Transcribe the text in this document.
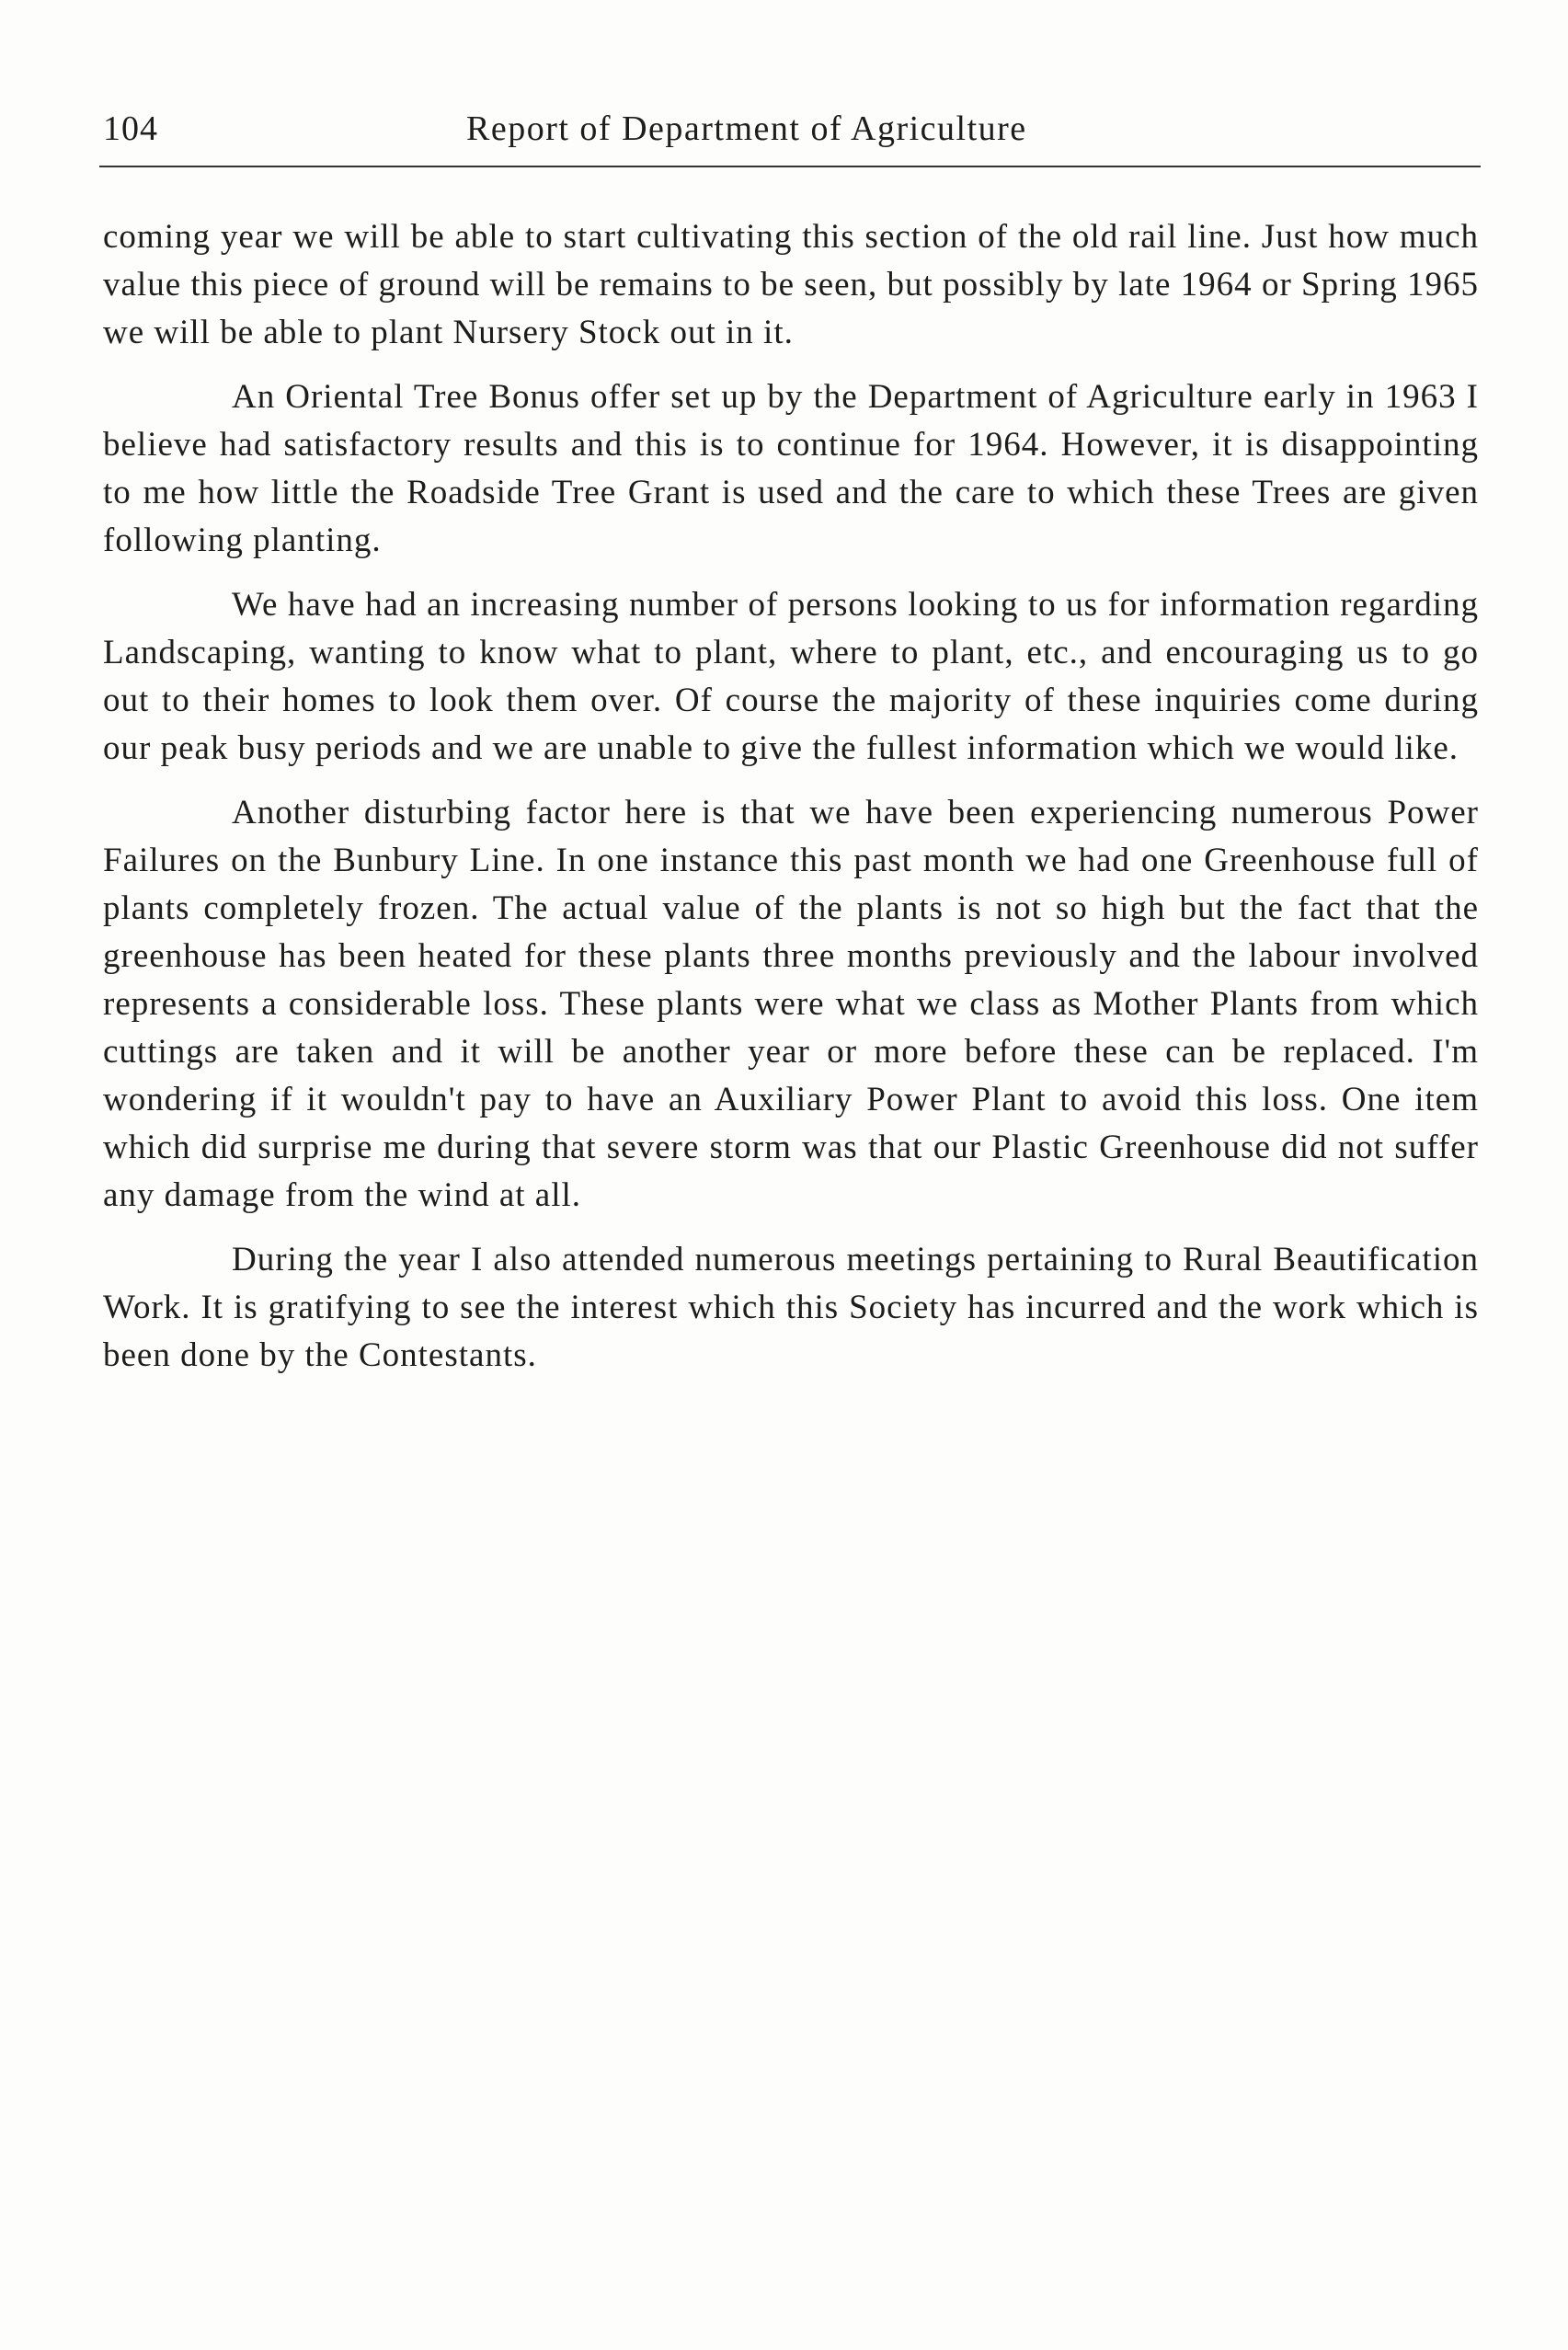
104	Report of Department of Agriculture

coming year we will be able to start cultivating this section of the old rail line. Just how much value this piece of ground will be remains to be seen, but possibly by late 1964 or Spring 1965 we will be able to plant Nursery Stock out in it.

An Oriental Tree Bonus offer set up by the Department of Agriculture early in 1963 I believe had satisfactory results and this is to continue for 1964. However, it is disappointing to me how little the Roadside Tree Grant is used and the care to which these Trees are given following planting.

We have had an increasing number of persons looking to us for information regarding Landscaping, wanting to know what to plant, where to plant, etc., and encouraging us to go out to their homes to look them over. Of course the majority of these inquiries come during our peak busy periods and we are unable to give the fullest information which we would like.

Another disturbing factor here is that we have been experiencing numerous Power Failures on the Bunbury Line. In one instance this past month we had one Greenhouse full of plants completely frozen. The actual value of the plants is not so high but the fact that the greenhouse has been heated for these plants three months previously and the labour involved represents a considerable loss. These plants were what we class as Mother Plants from which cuttings are taken and it will be another year or more before these can be replaced. I'm wondering if it wouldn't pay to have an Auxiliary Power Plant to avoid this loss. One item which did surprise me during that severe storm was that our Plastic Greenhouse did not suffer any damage from the wind at all.

During the year I also attended numerous meetings pertaining to Rural Beautification Work. It is gratifying to see the interest which this Society has incurred and the work which is been done by the Contestants.
